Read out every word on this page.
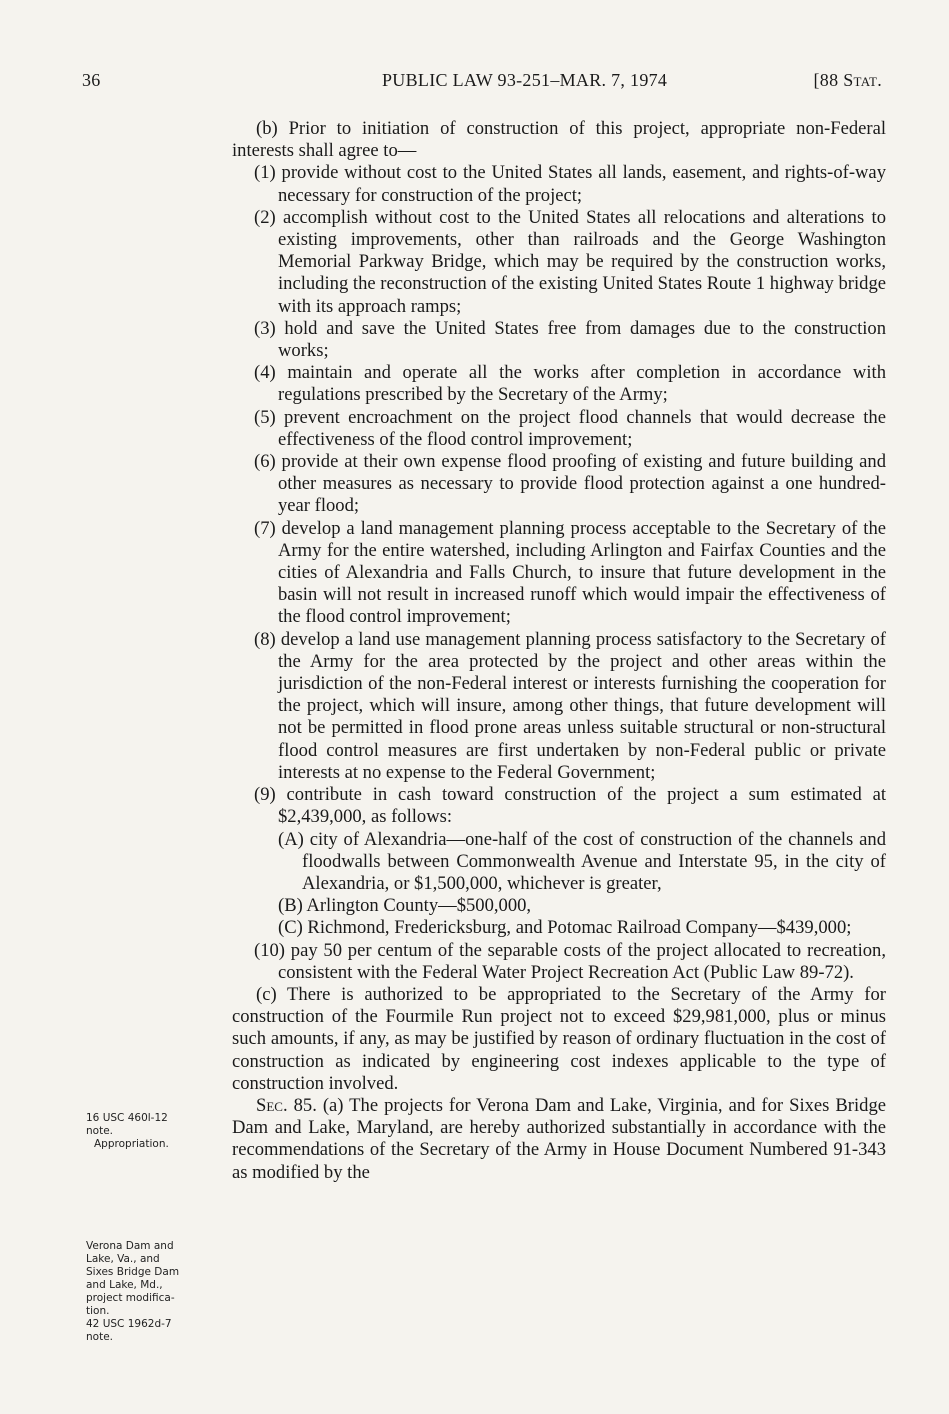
36	PUBLIC LAW 93-251–MAR. 7, 1974	[88 Stat.
16 USC 460l-12
note.
Appropriation.
Verona Dam and
Lake, Va., and
Sixes Bridge Dam
and Lake, Md.,
project modifica-
tion.
42 USC 1962d-7
note.

(b) Prior to initiation of construction of this project, appropriate non-Federal interests shall agree to—

(1) provide without cost to the United States all lands, easement, and rights-of-way necessary for construction of the project;

(2) accomplish without cost to the United States all relocations and alterations to existing improvements, other than railroads and the George Washington Memorial Parkway Bridge, which may be required by the construction works, including the reconstruction of the existing United States Route 1 highway bridge with its approach ramps;

(3) hold and save the United States free from damages due to the construction works;

(4) maintain and operate all the works after completion in accordance with regulations prescribed by the Secretary of the Army;

(5) prevent encroachment on the project flood channels that would decrease the effectiveness of the flood control improvement;

(6) provide at their own expense flood proofing of existing and future building and other measures as necessary to provide flood protection against a one hundred-year flood;

(7) develop a land management planning process acceptable to the Secretary of the Army for the entire watershed, including Arlington and Fairfax Counties and the cities of Alexandria and Falls Church, to insure that future development in the basin will not result in increased runoff which would impair the effectiveness of the flood control improvement;

(8) develop a land use management planning process satisfactory to the Secretary of the Army for the area protected by the project and other areas within the jurisdiction of the non-Federal interest or interests furnishing the cooperation for the project, which will insure, among other things, that future development will not be permitted in flood prone areas unless suitable structural or non-structural flood control measures are first undertaken by non-Federal public or private interests at no expense to the Federal Government;

(9) contribute in cash toward construction of the project a sum estimated at $2,439,000, as follows:

(A) city of Alexandria—one-half of the cost of construction of the channels and floodwalls between Commonwealth Avenue and Interstate 95, in the city of Alexandria, or $1,500,000, whichever is greater,

(B) Arlington County—$500,000,

(C) Richmond, Fredericksburg, and Potomac Railroad Company—$439,000;

(10) pay 50 per centum of the separable costs of the project allocated to recreation, consistent with the Federal Water Project Recreation Act (Public Law 89-72).

(c) There is authorized to be appropriated to the Secretary of the Army for construction of the Fourmile Run project not to exceed $29,981,000, plus or minus such amounts, if any, as may be justified by reason of ordinary fluctuation in the cost of construction as indicated by engineering cost indexes applicable to the type of construction involved.

Sec. 85. (a) The projects for Verona Dam and Lake, Virginia, and for Sixes Bridge Dam and Lake, Maryland, are hereby authorized substantially in accordance with the recommendations of the Secretary of the Army in House Document Numbered 91-343 as modified by the
